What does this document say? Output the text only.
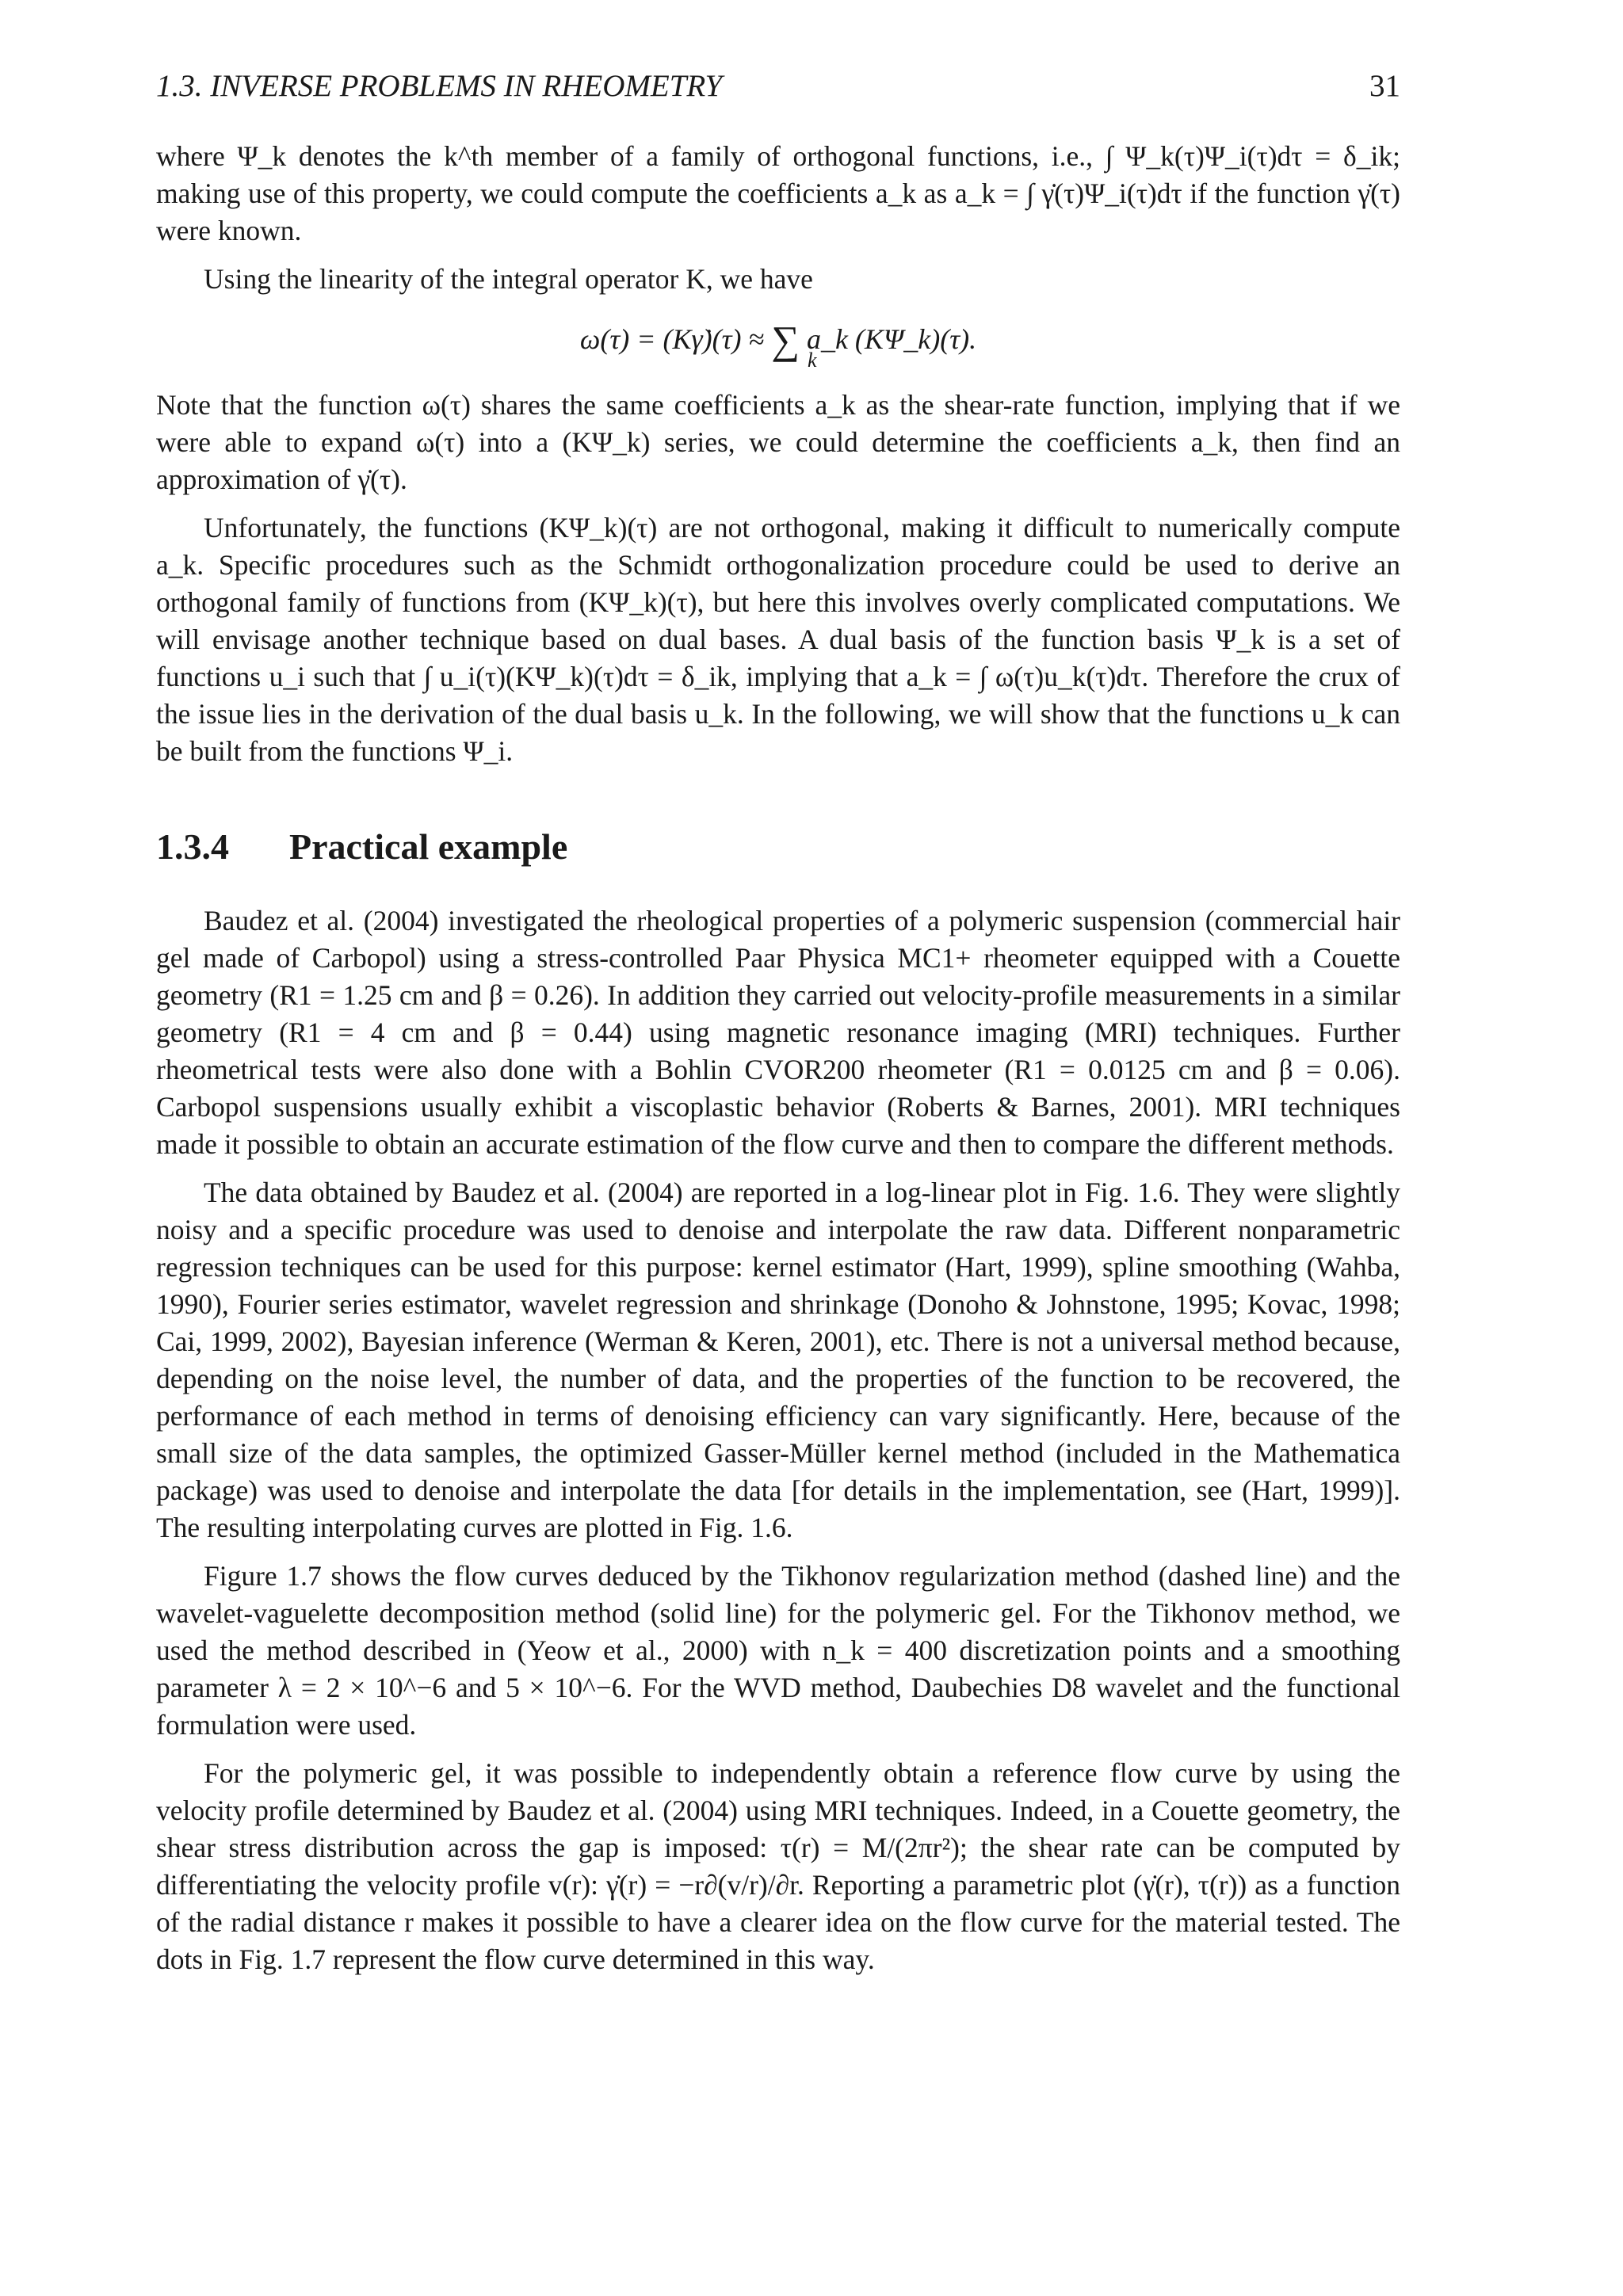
1.3. INVERSE PROBLEMS IN RHEOMETRY	31

where Ψ_k denotes the k^th member of a family of orthogonal functions, i.e., ∫ Ψ_k(τ)Ψ_i(τ)dτ = δ_ik; making use of this property, we could compute the coefficients a_k as a_k = ∫ γ̇(τ)Ψ_i(τ)dτ if the function γ̇(τ) were known.

Using the linearity of the integral operator K, we have

ω(τ) = (Kγ̇)(τ) ≈ ∑ a_k (KΨ_k)(τ).
k

Note that the function ω(τ) shares the same coefficients a_k as the shear-rate function, implying that if we were able to expand ω(τ) into a (KΨ_k) series, we could determine the coefficients a_k, then find an approximation of γ̇(τ).

Unfortunately, the functions (KΨ_k)(τ) are not orthogonal, making it difficult to numerically compute a_k. Specific procedures such as the Schmidt orthogonalization procedure could be used to derive an orthogonal family of functions from (KΨ_k)(τ), but here this involves overly complicated computations. We will envisage another technique based on dual bases. A dual basis of the function basis Ψ_k is a set of functions u_i such that ∫ u_i(τ)(KΨ_k)(τ)dτ = δ_ik, implying that a_k = ∫ ω(τ)u_k(τ)dτ. Therefore the crux of the issue lies in the derivation of the dual basis u_k. In the following, we will show that the functions u_k can be built from the functions Ψ_i.

1.3.4	Practical example

Baudez et al. (2004) investigated the rheological properties of a polymeric suspension (commercial hair gel made of Carbopol) using a stress-controlled Paar Physica MC1+ rheometer equipped with a Couette geometry (R1 = 1.25 cm and β = 0.26). In addition they carried out velocity-profile measurements in a similar geometry (R1 = 4 cm and β = 0.44) using magnetic resonance imaging (MRI) techniques. Further rheometrical tests were also done with a Bohlin CVOR200 rheometer (R1 = 0.0125 cm and β = 0.06). Carbopol suspensions usually exhibit a viscoplastic behavior (Roberts & Barnes, 2001). MRI techniques made it possible to obtain an accurate estimation of the flow curve and then to compare the different methods.

The data obtained by Baudez et al. (2004) are reported in a log-linear plot in Fig. 1.6. They were slightly noisy and a specific procedure was used to denoise and interpolate the raw data. Different nonparametric regression techniques can be used for this purpose: kernel estimator (Hart, 1999), spline smoothing (Wahba, 1990), Fourier series estimator, wavelet regression and shrinkage (Donoho & Johnstone, 1995; Kovac, 1998; Cai, 1999, 2002), Bayesian inference (Werman & Keren, 2001), etc. There is not a universal method because, depending on the noise level, the number of data, and the properties of the function to be recovered, the performance of each method in terms of denoising efficiency can vary significantly. Here, because of the small size of the data samples, the optimized Gasser-Müller kernel method (included in the Mathematica package) was used to denoise and interpolate the data [for details in the implementation, see (Hart, 1999)]. The resulting interpolating curves are plotted in Fig. 1.6.

Figure 1.7 shows the flow curves deduced by the Tikhonov regularization method (dashed line) and the wavelet-vaguelette decomposition method (solid line) for the polymeric gel. For the Tikhonov method, we used the method described in (Yeow et al., 2000) with n_k = 400 discretization points and a smoothing parameter λ = 2 × 10^−6 and 5 × 10^−6. For the WVD method, Daubechies D8 wavelet and the functional formulation were used.

For the polymeric gel, it was possible to independently obtain a reference flow curve by using the velocity profile determined by Baudez et al. (2004) using MRI techniques. Indeed, in a Couette geometry, the shear stress distribution across the gap is imposed: τ(r) = M/(2πr²); the shear rate can be computed by differentiating the velocity profile v(r): γ̇(r) = −r∂(v/r)/∂r. Reporting a parametric plot (γ̇(r), τ(r)) as a function of the radial distance r makes it possible to have a clearer idea on the flow curve for the material tested. The dots in Fig. 1.7 represent the flow curve determined in this way.
